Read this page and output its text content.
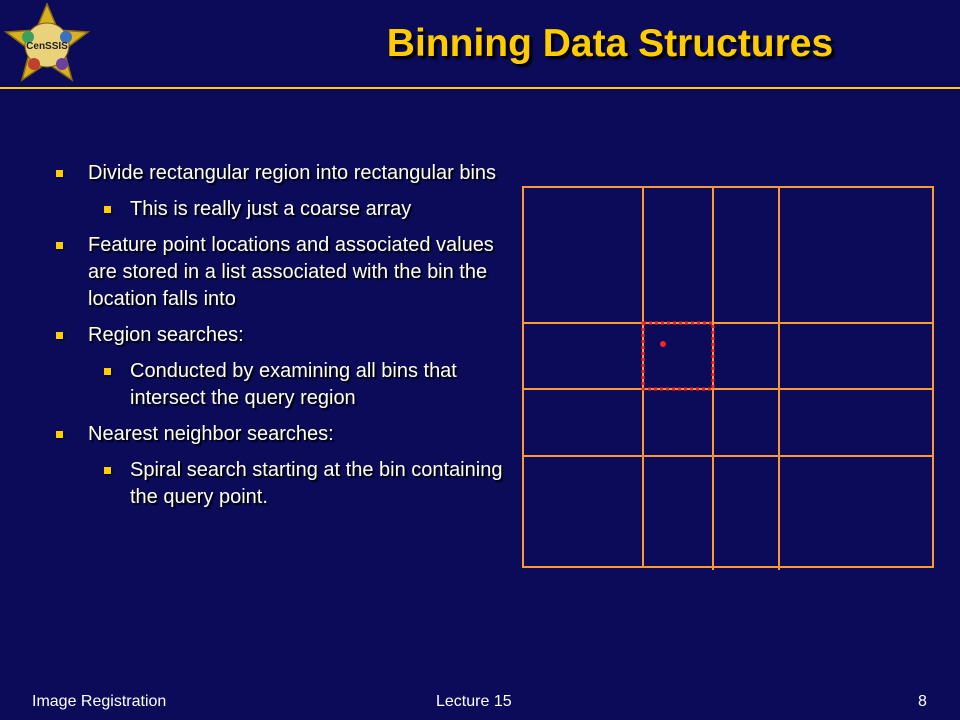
CenSSIS	Binning Data Structures
Divide rectangular region into rectangular bins
This is really just a coarse array
Feature point locations and associated values are stored in a list associated with the bin the location falls into
Region searches:
Conducted by examining all bins that intersect the query region
Nearest neighbor searches:
Spiral search starting at the bin containing the query point.
Image Registration	Lecture 15	8
